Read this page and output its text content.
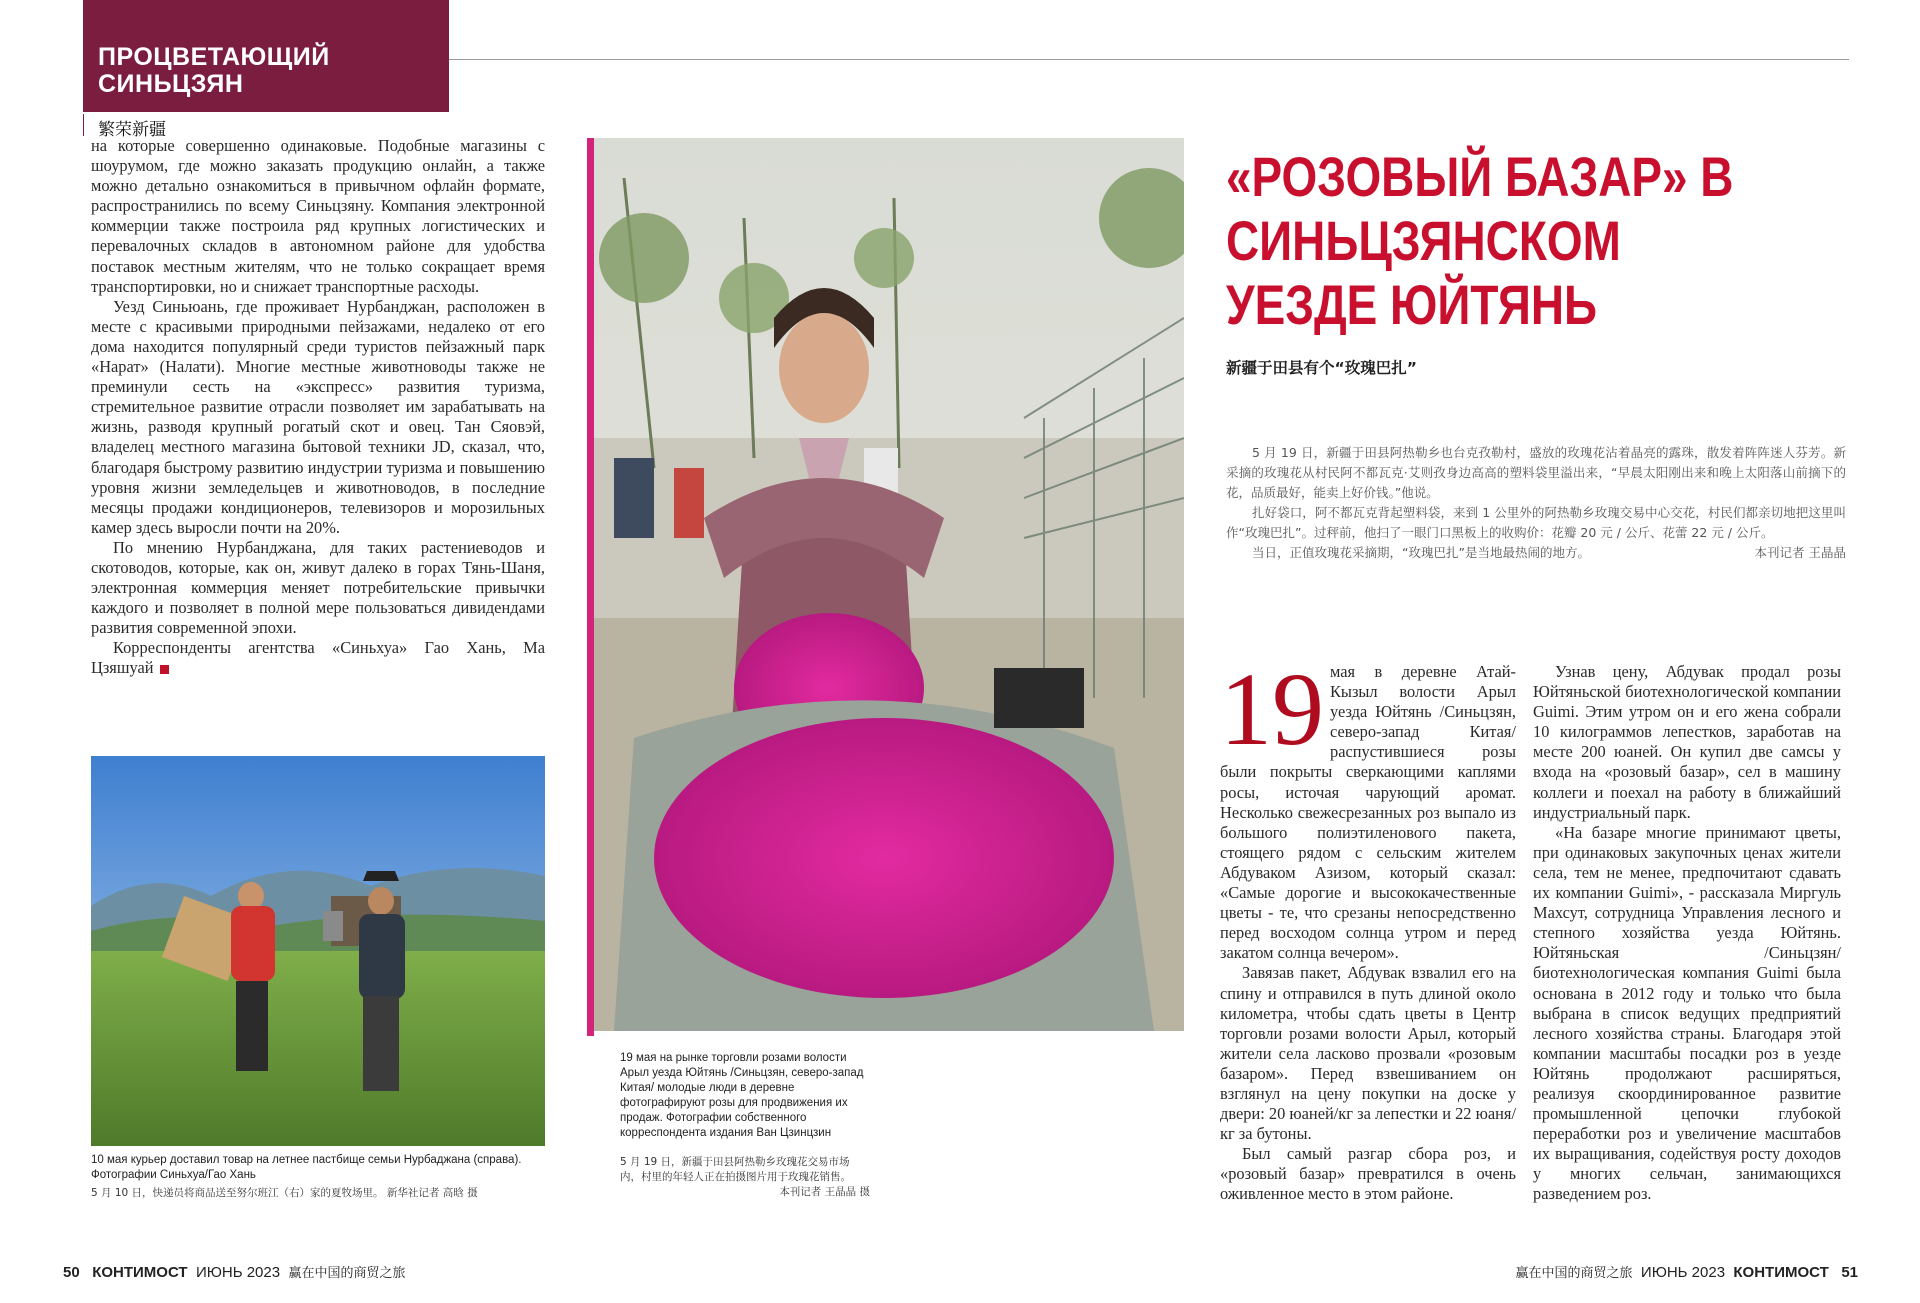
ПРОЦВЕТАЮЩИЙ
СИНЬЦЗЯН
繁荣新疆

на которые совершенно одинаковые. Подобные магазины с шоурумом, где можно заказать продукцию онлайн, а также можно детально ознакомиться в привычном офлайн формате, распространились по всему Синьцзяну. Компания электронной коммерции также построила ряд крупных логистических и перевалочных складов в автономном районе для удобства поставок местным жителям, что не только сокращает время транспортировки, но и снижает транспортные расходы.

Уезд Синьюань, где проживает Нурбанджан, расположен в месте с красивыми природными пейзажами, недалеко от его дома находится популярный среди туристов пейзажный парк «Нарат» (Налати). Многие местные животноводы также не преминули сесть на «экспресс» развития туризма, стремительное развитие отрасли позволяет им зарабатывать на жизнь, разводя крупный рогатый скот и овец. Тан Сяовэй, владелец местного магазина бытовой техники JD, сказал, что, благодаря быстрому развитию индустрии туризма и повышению уровня жизни земледельцев и животноводов, в последние месяцы продажи кондиционеров, телевизоров и морозильных камер здесь выросли почти на 20%.

По мнению Нурбанджана, для таких растениеводов и скотоводов, которые, как он, живут далеко в горах Тянь-Шаня, электронная коммерция меняет потребительские привычки каждого и позволяет в полной мере пользоваться дивидендами развития современной эпохи.

Корреспонденты агентства «Синьхуа» Гао Хань, Ма Цзяшуай

10 мая курьер доставил товар на летнее пастбище семьи Нурбаджана (справа). Фотографии Синьхуа/Гао Хань
5 月 10 日，快递员将商品送至努尔班江（右）家的夏牧场里。 新华社记者 高晗 摄
19 мая на рынке торговли розами волости Арыл уезда Юйтянь /Синьцзян, северо-запад Китая/ молодые люди в деревне фотографируют розы для продвижения их продаж. Фотографии собственного корреспондента издания Ван Цзинцзин
5 月 19 日，新疆于田县阿热勒乡玫瑰花交易市场内，村里的年轻人正在拍摄图片用于玫瑰花销售。
本刊记者 王晶晶 摄
«РОЗОВЫЙ БАЗАР» В СИНЬЦЗЯНСКОМ УЕЗДЕ ЮЙТЯНЬ
新疆于田县有个“玫瑰巴扎”

5 月 19 日，新疆于田县阿热勒乡也台克孜勒村，盛放的玫瑰花沾着晶亮的露珠，散发着阵阵迷人芬芳。新采摘的玫瑰花从村民阿不都瓦克·艾则孜身边高高的塑料袋里溢出来，“早晨太阳刚出来和晚上太阳落山前摘下的花，品质最好，能卖上好价钱。”他说。

扎好袋口，阿不都瓦克背起塑料袋，来到 1 公里外的阿热勒乡玫瑰交易中心交花，村民们都亲切地把这里叫作“玫瑰巴扎”。过秤前，他扫了一眼门口黑板上的收购价：花瓣 20 元 / 公斤、花蕾 22 元 / 公斤。

当日，正值玫瑰花采摘期，“玫瑰巴扎”是当地最热闹的地方。	本刊记者 王晶晶

19 мая в деревне Атай-Кызыл волости Арыл уезда Юйтянь /Синьцзян, северо-запад Китая/ распустившиеся розы были покрыты сверкающими каплями росы, источая чарующий аромат. Несколько свежесрезанных роз выпало из большого полиэтиленового пакета, стоящего рядом с сельским жителем Абдуваком Азизом, который сказал: «Самые дорогие и высококачественные цветы - те, что срезаны непосредственно перед восходом солнца утром и перед закатом солнца вечером».

Завязав пакет, Абдувак взвалил его на спину и отправился в путь длиной около километра, чтобы сдать цветы в Центр торговли розами волости Арыл, который жители села ласково прозвали «розовым базаром». Перед взвешиванием он взглянул на цену покупки на доске у двери: 20 юаней/кг за лепестки и 22 юаня/кг за бутоны.

Был самый разгар сбора роз, и «розовый базар» превратился в очень оживленное место в этом районе.

Узнав цену, Абдувак продал розы Юйтяньской биотехнологической компании Guimi. Этим утром он и его жена собрали 10 килограммов лепестков, заработав на месте 200 юаней. Он купил две самсы у входа на «розовый базар», сел в машину коллеги и поехал на работу в ближайший индустриальный парк.

«На базаре многие принимают цветы, при одинаковых закупочных ценах жители села, тем не менее, предпочитают сдавать их компании Guimi», - рассказала Миргуль Махсут, сотрудница Управления лесного и степного хозяйства уезда Юйтянь. Юйтяньская /Синьцзян/ биотехнологическая компания Guimi была основана в 2012 году и только что была выбрана в список ведущих предприятий лесного хозяйства страны. Благодаря этой компании масштабы посадки роз в уезде Юйтянь продолжают расширяться, реализуя скоординированное развитие промышленной цепочки глубокой переработки роз и увеличение масштабов их выращивания, содействуя росту доходов у многих сельчан, занимающихся разведением роз.

50 КОНТИМОСТ ИЮНЬ 2023 赢在中国的商贸之旅	赢在中国的商贸之旅 ИЮНЬ 2023 КОНТИМОСТ 51
